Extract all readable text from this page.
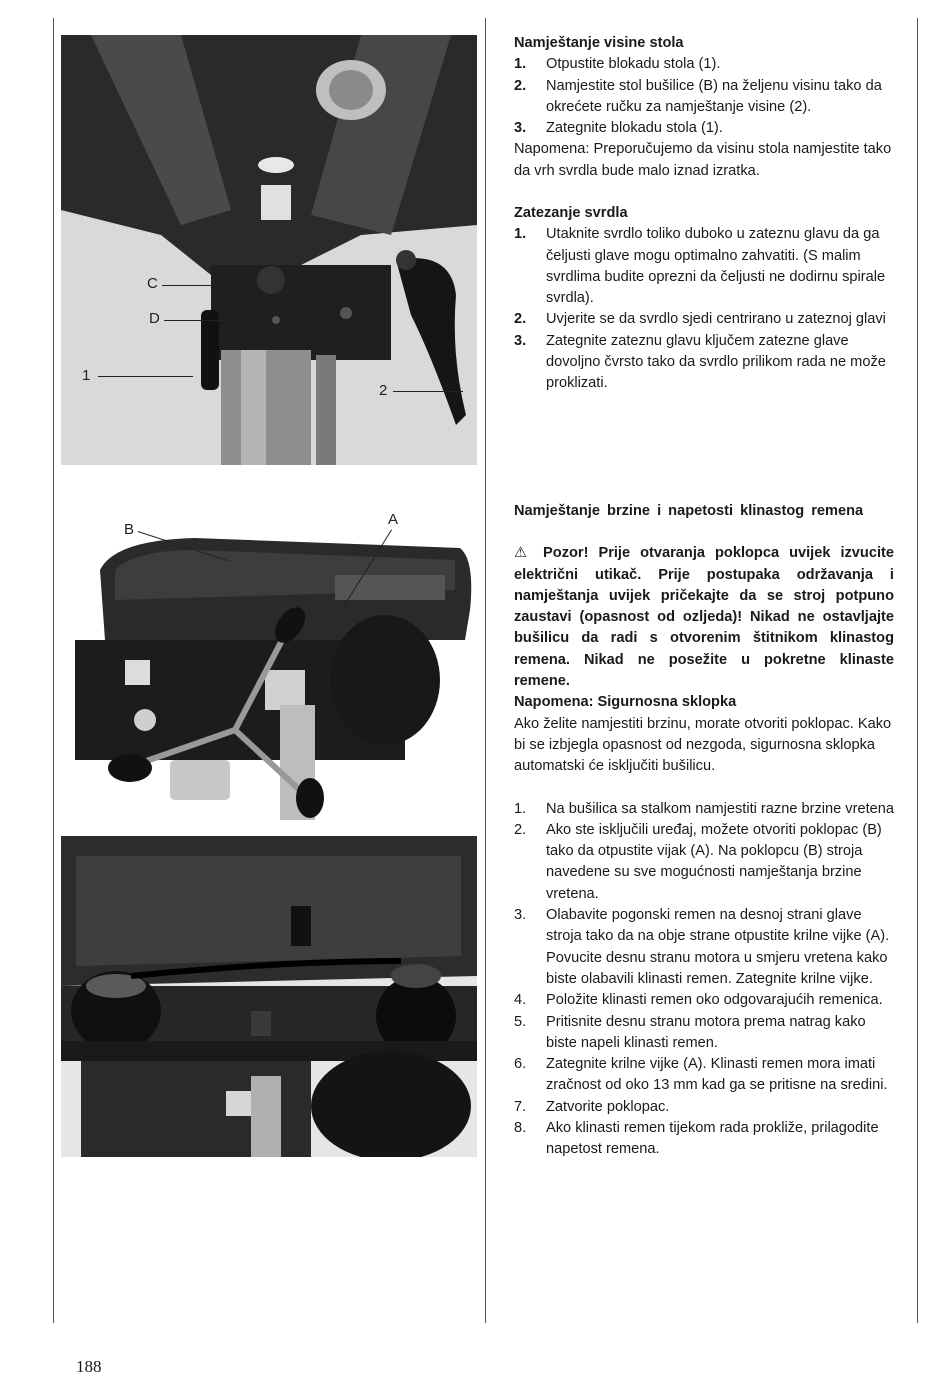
C
D
1
2
B
A
Namještanje visine stola
1. Otpustite blokadu stola (1).
2. Namjestite stol bušilice (B) na željenu visinu tako da okrećete ručku za namještanje visine (2).
3. Zategnite blokadu stola (1).

Napomena: Preporučujemo da visinu stola namjestite tako da vrh svrdla bude malo iznad izratka.

Zatezanje svrdla
1. Utaknite svrdlo toliko duboko u zateznu glavu da ga čeljusti glave mogu optimalno zahvatiti. (S malim svrdlima budite oprezni da čeljusti ne dodirnu spirale svrdla).
2. Uvjerite se da svrdlo sjedi centrirano u zateznoj glavi
3. Zategnite zateznu glavu ključem zatezne glave dovoljno čvrsto tako da svrdlo prilikom rada ne može proklizati.
Namještanje brzine i napetosti klinastog remena

⚠ Pozor! Prije otvaranja poklopca uvijek izvucite električni utikač. Prije postupaka održavanja i namještanja uvijek pričekajte da se stroj potpuno zaustavi (opasnost od ozljeda)! Nikad ne ostavljajte bušilicu da radi s otvorenim štitnikom klinastog remena. Nikad ne posežite u pokretne klinaste remene.

Napomena: Sigurnosna sklopka

Ako želite namjestiti brzinu, morate otvoriti poklopac. Kako bi se izbjegla opasnost od nezgoda, sigurnosna sklopka automatski će isključiti bušilicu.

1. Na bušilica sa stalkom namjestiti razne brzine vretena
2. Ako ste isključili uređaj, možete otvoriti poklopac (B) tako da otpustite vijak (A). Na poklopcu (B) stroja navedene su sve mogućnosti namještanja brzine vretena.
3. Olabavite pogonski remen na desnoj strani glave stroja tako da na obje strane otpustite krilne vijke (A). Povucite desnu stranu motora u smjeru vretena kako biste olabavili klinasti remen. Zategnite krilne vijke.
4. Položite klinasti remen oko odgovarajućih remenica.
5. Pritisnite desnu stranu motora prema natrag kako biste napeli klinasti remen.
6. Zategnite krilne vijke (A). Klinasti remen mora imati zračnost od oko 13 mm kad ga se pritisne na sredini.
7. Zatvorite poklopac.
8. Ako klinasti remen tijekom rada prokliže, prilagodite napetost remena.
188
